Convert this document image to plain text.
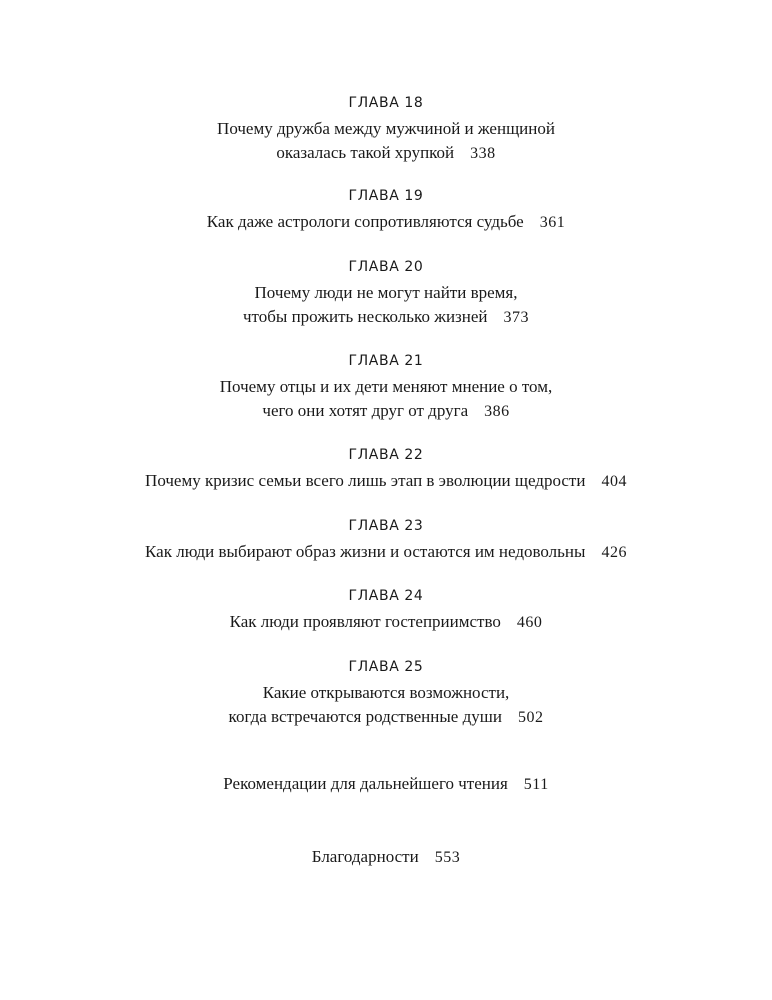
ГЛАВА 18
Почему дружба между мужчиной и женщиной
оказалась такой хрупкой 338
ГЛАВА 19
Как даже астрологи сопротивляются судьбе 361
ГЛАВА 20
Почему люди не могут найти время,
чтобы прожить несколько жизней 373
ГЛАВА 21
Почему отцы и их дети меняют мнение о том,
чего они хотят друг от друга 386
ГЛАВА 22
Почему кризис семьи всего лишь этап в эволюции щедрости 404
ГЛАВА 23
Как люди выбирают образ жизни и остаются им недовольны 426
ГЛАВА 24
Как люди проявляют гостеприимство 460
ГЛАВА 25
Какие открываются возможности,
когда встречаются родственные души 502
Рекомендации для дальнейшего чтения 511
Благодарности 553
